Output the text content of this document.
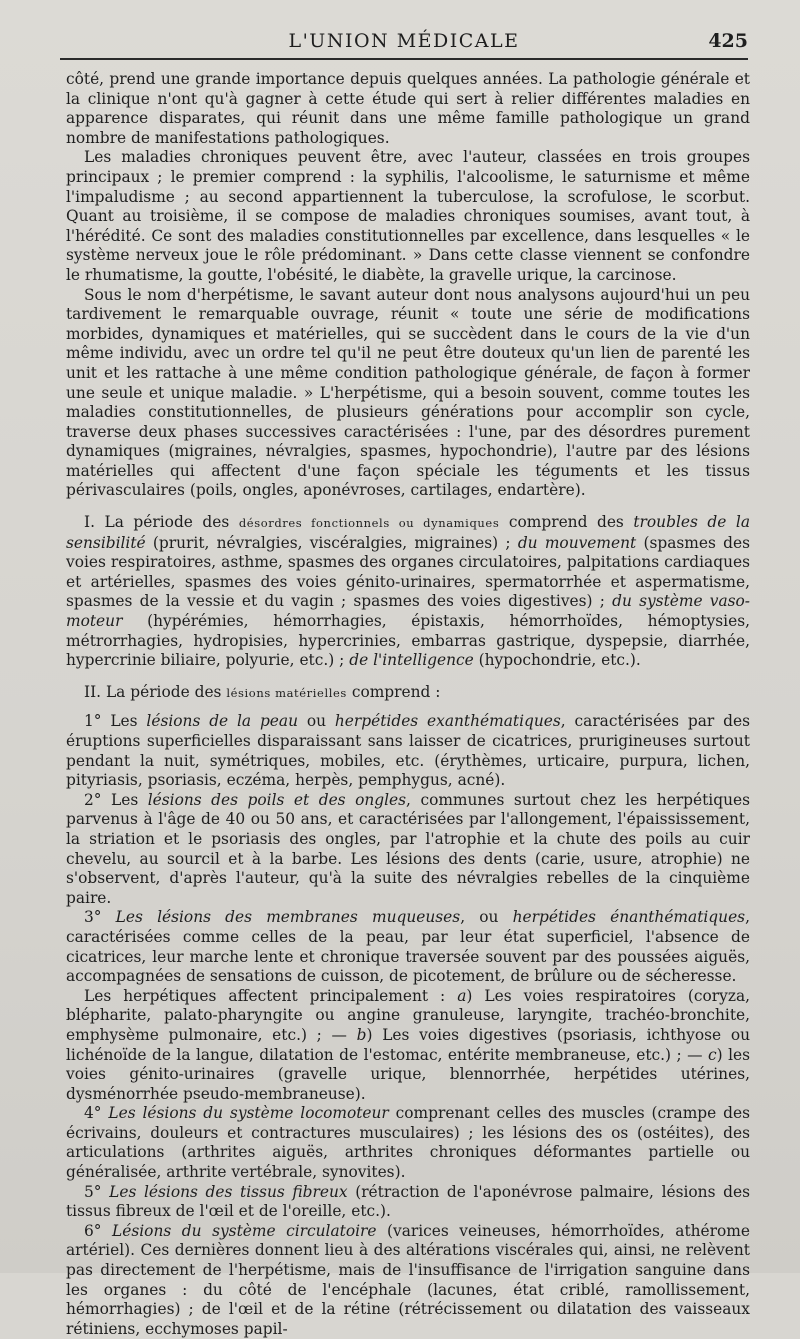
L'UNION MÉDICALE	425

côté, prend une grande importance depuis quelques années. La pathologie générale et la clinique n'ont qu'à gagner à cette étude qui sert à relier différentes maladies en apparence disparates, qui réunit dans une même famille pathologique un grand nombre de manifestations pathologiques.

Les maladies chroniques peuvent être, avec l'auteur, classées en trois groupes principaux ; le premier comprend : la syphilis, l'alcoolisme, le saturnisme et même l'impaludisme ; au second appartiennent la tuberculose, la scrofulose, le scorbut. Quant au troisième, il se compose de maladies chroniques soumises, avant tout, à l'hérédité. Ce sont des maladies constitutionnelles par excellence, dans lesquelles « le système nerveux joue le rôle prédominant. » Dans cette classe viennent se confondre le rhumatisme, la goutte, l'obésité, le diabète, la gravelle urique, la carcinose.

Sous le nom d'herpétisme, le savant auteur dont nous analysons aujourd'hui un peu tardivement le remarquable ouvrage, réunit « toute une série de modifications morbides, dynamiques et matérielles, qui se succèdent dans le cours de la vie d'un même individu, avec un ordre tel qu'il ne peut être douteux qu'un lien de parenté les unit et les rattache à une même condition pathologique générale, de façon à former une seule et unique maladie. » L'herpétisme, qui a besoin souvent, comme toutes les maladies constitutionnelles, de plusieurs générations pour accomplir son cycle, traverse deux phases successives caractérisées : l'une, par des désordres purement dynamiques (migraines, névralgies, spasmes, hypochondrie), l'autre par des lésions matérielles qui affectent d'une façon spéciale les téguments et les tissus périvasculaires (poils, ongles, aponévroses, cartilages, endartère).

I. La période des désordres fonctionnels ou dynamiques comprend des troubles de la sensibilité (prurit, névralgies, viscéralgies, migraines) ; du mouvement (spasmes des voies respiratoires, asthme, spasmes des organes circulatoires, palpitations cardiaques et artérielles, spasmes des voies génito-urinaires, spermatorrhée et aspermatisme, spasmes de la vessie et du vagin ; spasmes des voies digestives) ; du système vaso-moteur (hypérémies, hémorrhagies, épistaxis, hémorrhoïdes, hémoptysies, métrorrhagies, hydropisies, hypercrinies, embarras gastrique, dyspepsie, diarrhée, hypercrinie biliaire, polyurie, etc.) ; de l'intelligence (hypochondrie, etc.).

II. La période des lésions matérielles comprend :

1° Les lésions de la peau ou herpétides exanthématiques, caractérisées par des éruptions superficielles disparaissant sans laisser de cicatrices, prurigineuses surtout pendant la nuit, symétriques, mobiles, etc. (érythèmes, urticaire, purpura, lichen, pityriasis, psoriasis, eczéma, herpès, pemphygus, acné).

2° Les lésions des poils et des ongles, communes surtout chez les herpétiques parvenus à l'âge de 40 ou 50 ans, et caractérisées par l'allongement, l'épaississement, la striation et le psoriasis des ongles, par l'atrophie et la chute des poils au cuir chevelu, au sourcil et à la barbe. Les lésions des dents (carie, usure, atrophie) ne s'observent, d'après l'auteur, qu'à la suite des névralgies rebelles de la cinquième paire.

3° Les lésions des membranes muqueuses, ou herpétides énanthématiques, caractérisées comme celles de la peau, par leur état superficiel, l'absence de cicatrices, leur marche lente et chronique traversée souvent par des poussées aiguës, accompagnées de sensations de cuisson, de picotement, de brûlure ou de sécheresse.

Les herpétiques affectent principalement : a) Les voies respiratoires (coryza, blépharite, palato-pharyngite ou angine granuleuse, laryngite, trachéo-bronchite, emphysème pulmonaire, etc.) ; — b) Les voies digestives (psoriasis, ichthyose ou lichénoïde de la langue, dilatation de l'estomac, entérite membraneuse, etc.) ; — c) les voies génito-urinaires (gravelle urique, blennorrhée, herpétides utérines, dysménorrhée pseudo-membraneuse).

4° Les lésions du système locomoteur comprenant celles des muscles (crampe des écrivains, douleurs et contractures musculaires) ; les lésions des os (ostéites), des articulations (arthrites aiguës, arthrites chroniques déformantes partielle ou généralisée, arthrite vertébrale, synovites).

5° Les lésions des tissus fibreux (rétraction de l'aponévrose palmaire, lésions des tissus fibreux de l'œil et de l'oreille, etc.).

6° Lésions du système circulatoire (varices veineuses, hémorrhoïdes, athérome artériel). Ces dernières donnent lieu à des altérations viscérales qui, ainsi, ne relèvent pas directement de l'herpétisme, mais de l'insuffisance de l'irrigation sanguine dans les organes : du côté de l'encéphale (lacunes, état criblé, ramollissement, hémorrhagies) ; de l'œil et de la rétine (rétrécissement ou dilatation des vaisseaux rétiniens, ecchymoses papil-
